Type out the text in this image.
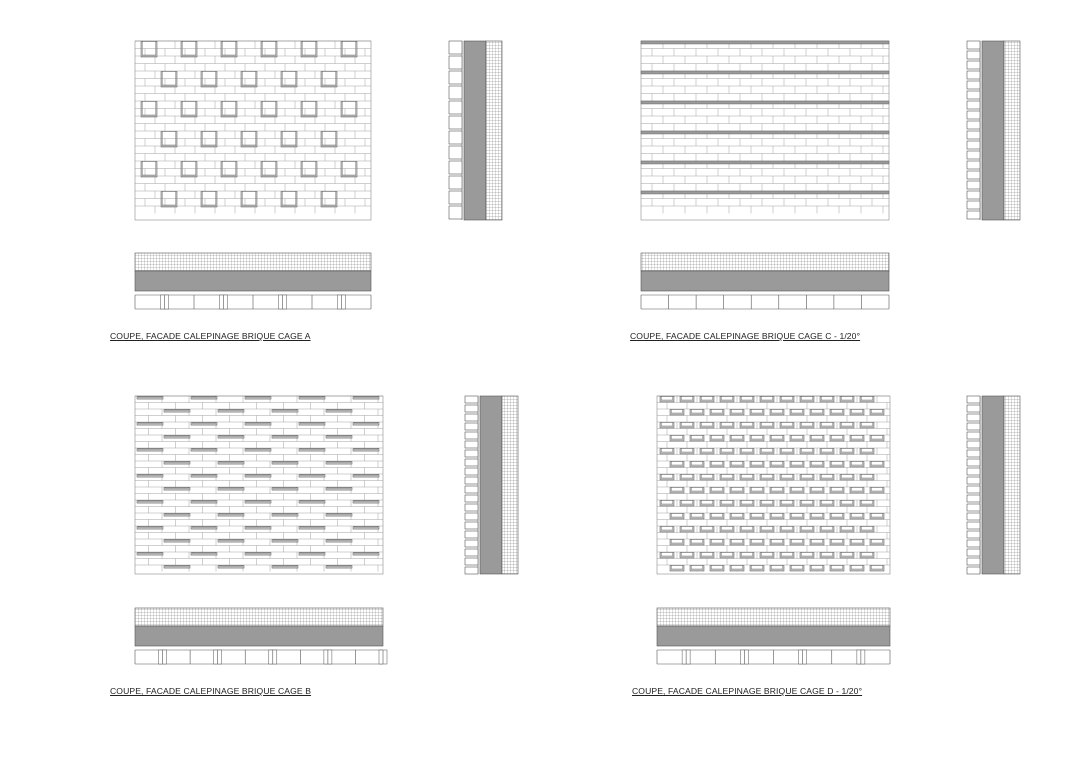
COUPE, FACADE CALEPINAGE BRIQUE CAGE A	COUPE, FACADE CALEPINAGE BRIQUE CAGE C - 1/20°
COUPE, FACADE CALEPINAGE BRIQUE CAGE B	COUPE, FACADE CALEPINAGE BRIQUE CAGE D - 1/20°
